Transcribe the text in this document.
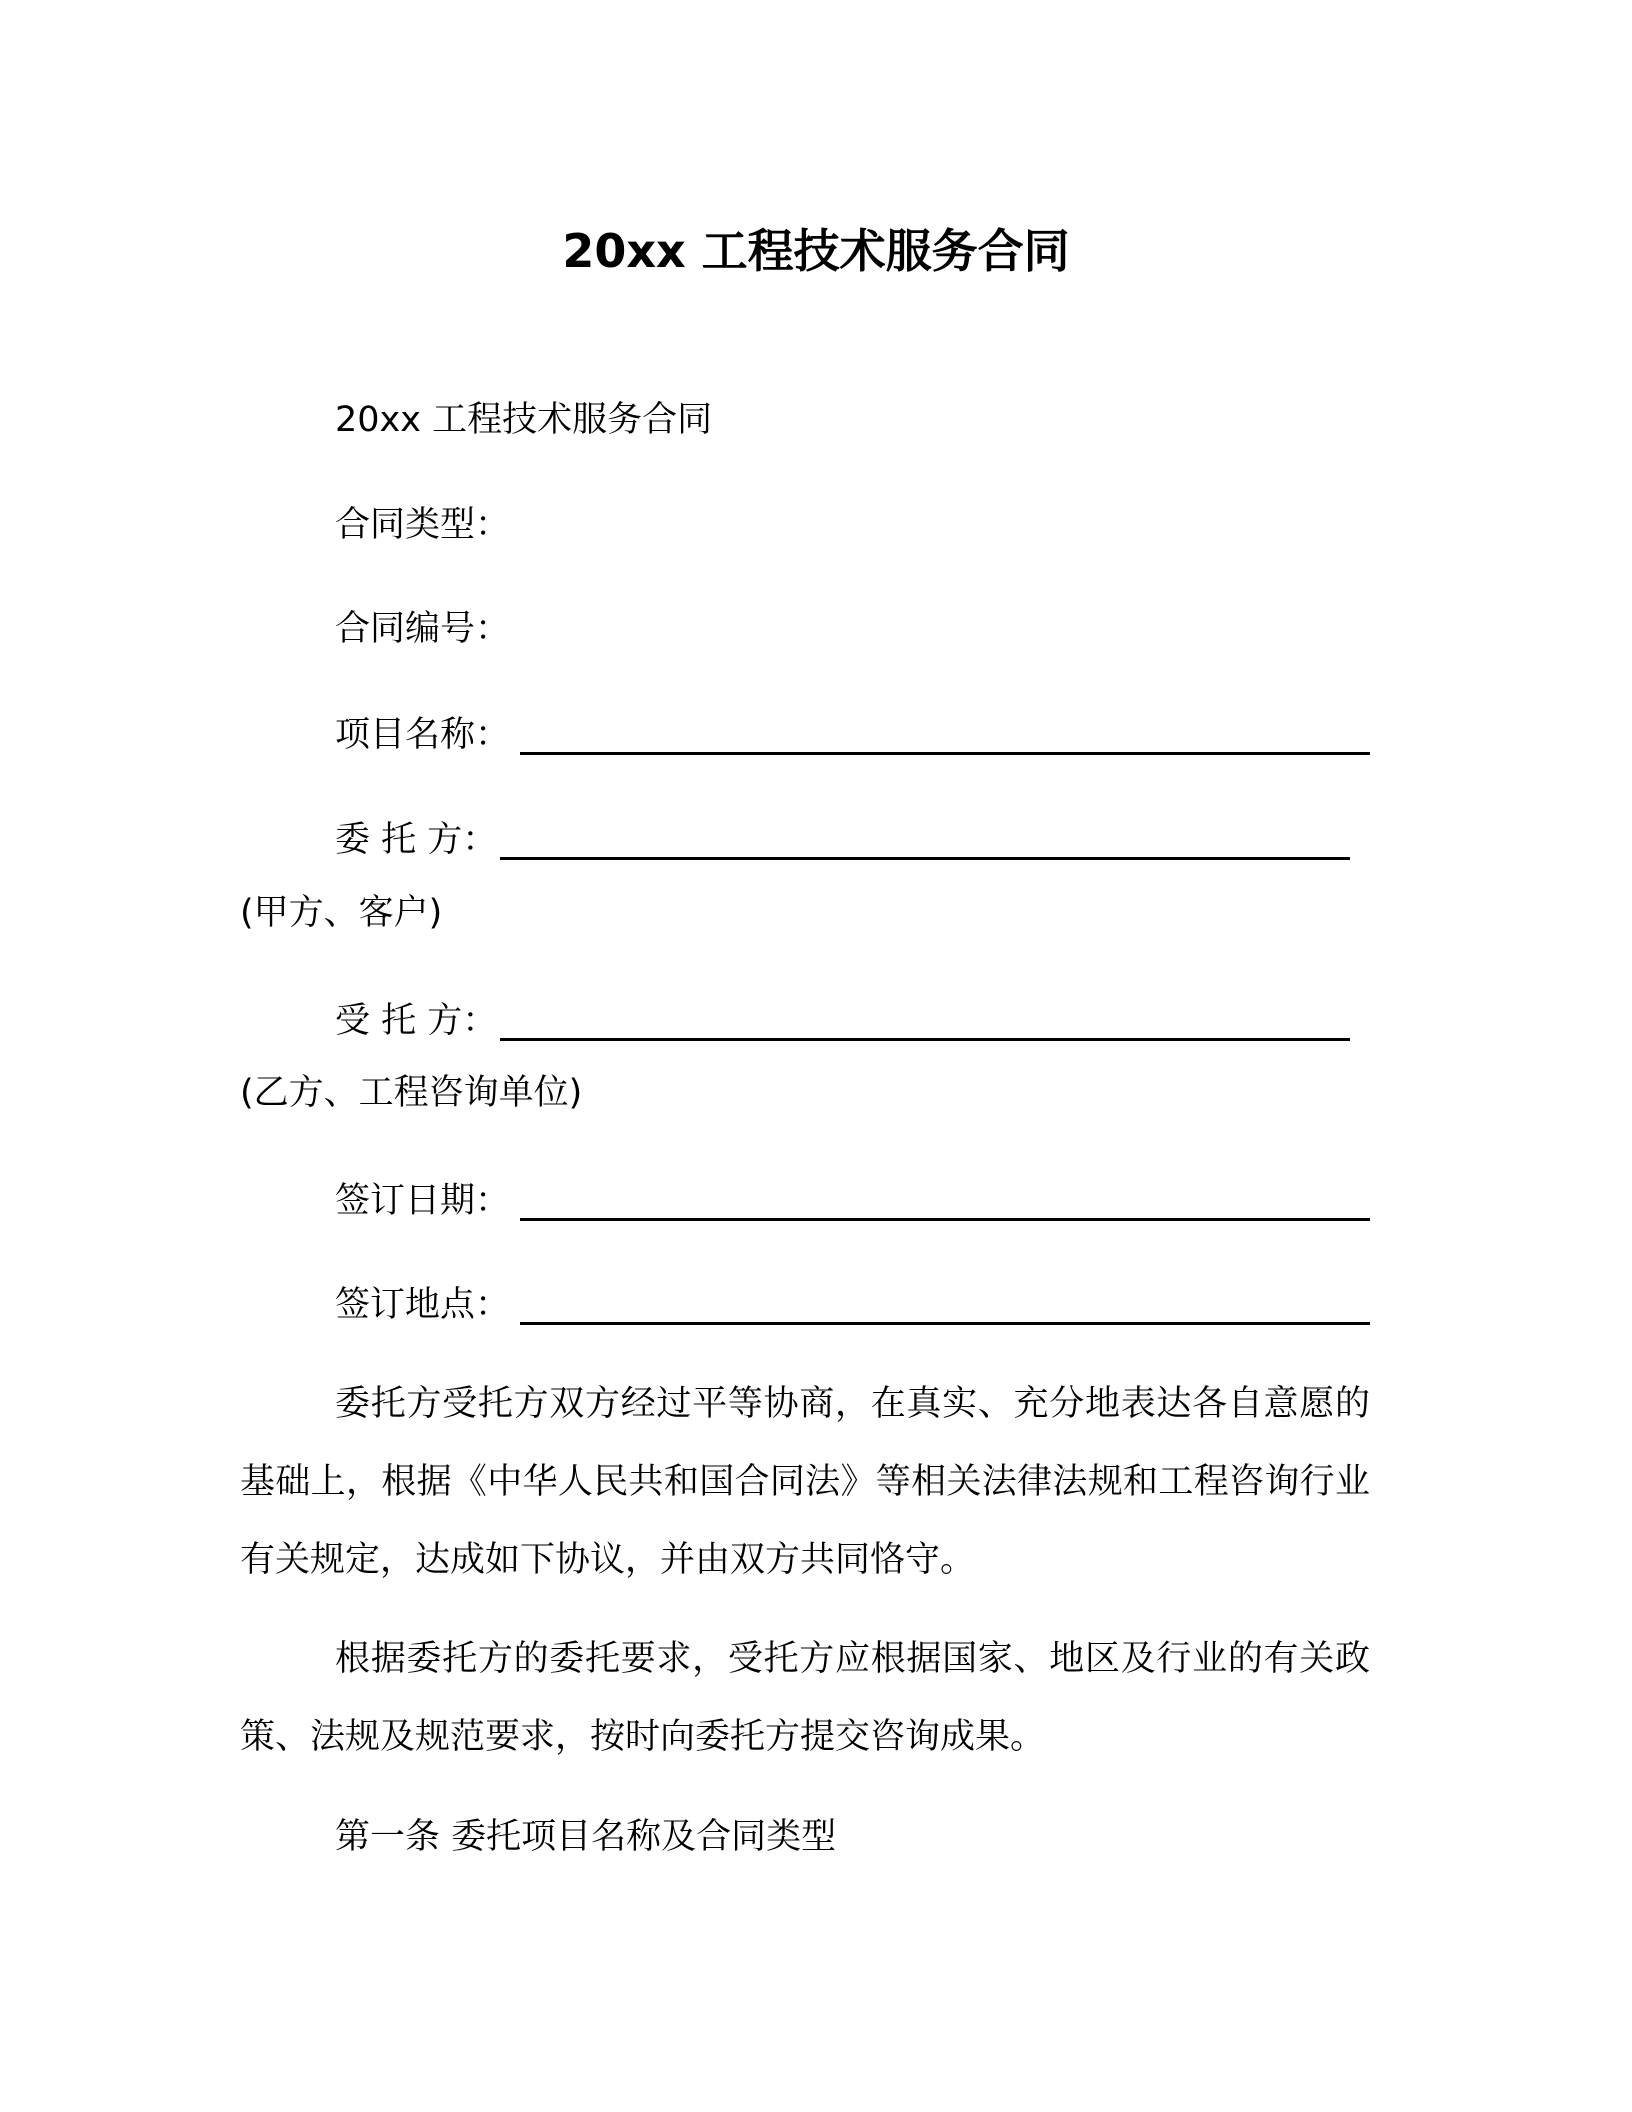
20xx 工程技术服务合同
20xx 工程技术服务合同
合同类型：
合同编号：
项目名称：
委 托 方：
(甲方、客户)
受 托 方：
(乙方、工程咨询单位)
签订日期：
签订地点：
委托方受托方双方经过平等协商，在真实、充分地表达各自意愿的基础上，根据《中华人民共和国合同法》等相关法律法规和工程咨询行业有关规定，达成如下协议，并由双方共同恪守。
根据委托方的委托要求，受托方应根据国家、地区及行业的有关政策、法规及规范要求，按时向委托方提交咨询成果。
第一条 委托项目名称及合同类型
